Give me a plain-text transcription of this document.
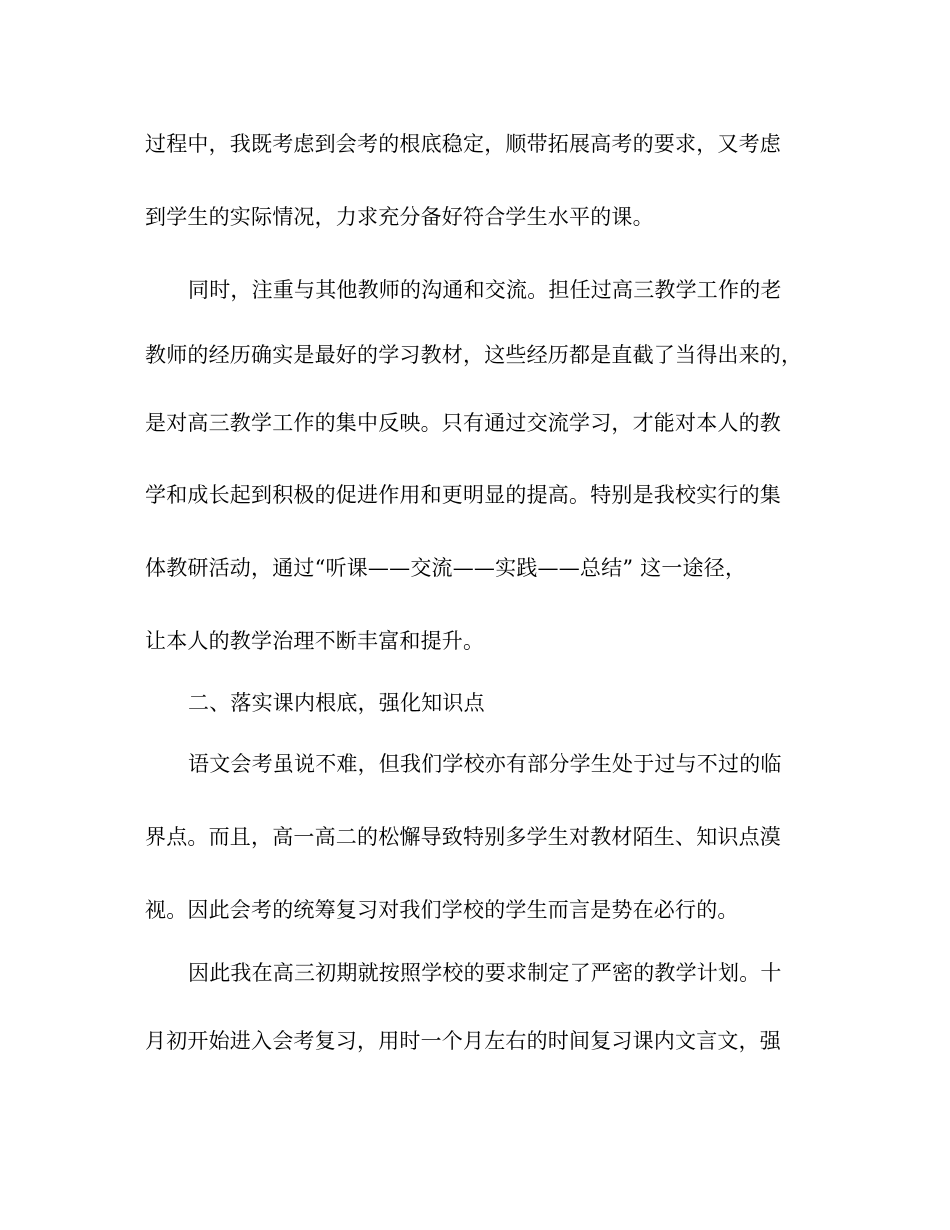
过程中，我既考虑到会考的根底稳定，顺带拓展高考的要求，又考虑
到学生的实际情况，力求充分备好符合学生水平的课。
同时，注重与其他教师的沟通和交流。担任过高三教学工作的老
教师的经历确实是最好的学习教材，这些经历都是直截了当得出来的，
是对高三教学工作的集中反映。只有通过交流学习，才能对本人的教
学和成长起到积极的促进作用和更明显的提高。特别是我校实行的集
体教研活动，通过“听课——交流——实践——总结” 这一途径，
让本人的教学治理不断丰富和提升。
二、落实课内根底，强化知识点
语文会考虽说不难，但我们学校亦有部分学生处于过与不过的临
界点。而且，高一高二的松懈导致特别多学生对教材陌生、知识点漠
视。因此会考的统筹复习对我们学校的学生而言是势在必行的。
因此我在高三初期就按照学校的要求制定了严密的教学计划。十
月初开始进入会考复习，用时一个月左右的时间复习课内文言文，强
